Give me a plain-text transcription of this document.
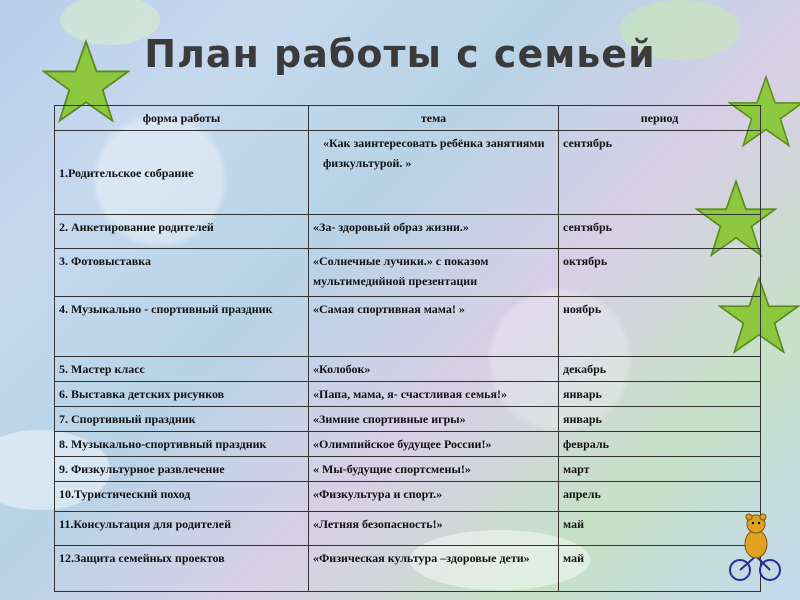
План работы с семьей
форма работы	тема	период
1.Родительское собрание	«Как заинтересовать ребёнка занятиями физкультурой. »	сентябрь
2. Анкетирование родителей	«За- здоровый образ жизни.»	сентябрь
3. Фотовыставка	«Солнечные лучики.» с показом мультимедийной презентации	октябрь
4. Музыкально - спортивный праздник	«Самая спортивная мама! »	ноябрь
5. Мастер класс	«Колобок»	декабрь
6. Выставка детских рисунков	«Папа, мама, я- счастливая семья!»	январь
7. Спортивный праздник	«Зимние спортивные игры»	январь
8. Музыкально-спортивный праздник	«Олимпийское будущее России!»	февраль
9. Физкультурное развлечение	« Мы-будущие спортсмены!»	март
10.Туристический поход	«Физкультура и спорт.»	апрель
11.Консультация для родителей	«Летняя безопасность!»	май
12.Защита семейных проектов	«Физическая культура –здоровые дети»	май
